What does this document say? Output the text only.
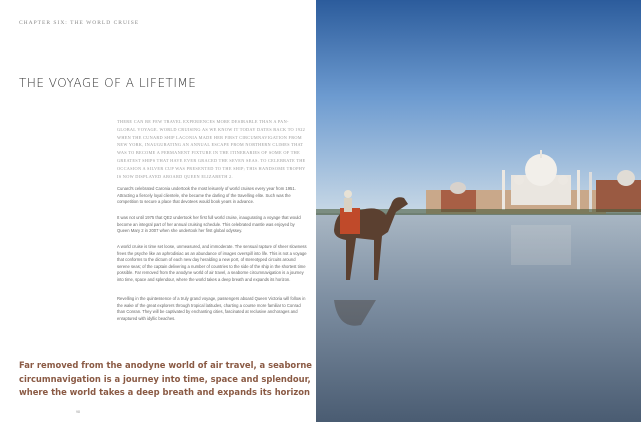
CHAPTER SIX: THE WORLD CRUISE
THE VOYAGE OF A LIFETIME
THERE CAN BE FEW TRAVEL EXPERIENCES MORE DESIRABLE THAN A PAN-GLOBAL VOYAGE. WORLD CRUISING AS WE KNOW IT TODAY DATES BACK TO 1922 WHEN THE CUNARD SHIP LACONIA MADE HER FIRST CIRCUMNAVIGATION FROM NEW YORK, INAUGURATING AN ANNUAL ESCAPE FROM NORTHERN CLIMES THAT WAS TO BECOME A PERMANENT FIXTURE IN THE ITINERARIES OF SOME OF THE GREATEST SHIPS THAT HAVE EVER GRACED THE SEVEN SEAS. TO CELEBRATE THE OCCASION A SILVER CUP WAS PRESENTED TO THE SHIP; THIS HANDSOME TROPHY IS NOW DISPLAYED ABOARD QUEEN ELIZABETH 2.
Cunard's celebrated Caronia undertook the most leisurely of world cruises every year from 1951. Attracting a fiercely loyal clientele, she became the darling of the travelling elite. Such was the competition to secure a place that devotees would book years in advance.
It was not until 1975 that QE2 undertook her first full world cruise, inaugurating a voyage that would become an integral part of her annual cruising schedule. This celebrated mantle was enjoyed by Queen Mary 2 in 2007 when she undertook her first global odyssey.
A world cruise is time set loose, unmeasured, and immoderate. The sensual rapture of sheer slowness frees the psyche like an aphrodisiac as an abundance of images overspill into life. This is not a voyage that conforms to the dictum of each new day heralding a new port, of stereotyped circuits around serene seas; of the captain delivering a number of countries to the side of the ship in the shortest time possible. Far removed from the anodyne world of air travel, a seaborne circumnavigation is a journey into time, space and splendour, where the world takes a deep breath and expands its horizon.
Revelling in the quintessence of a truly grand voyage, passengers aboard Queen Victoria will follow in the wake of the great explorers through tropical latitudes, charting a course more familiar to Conrad than Conran. They will be captivated by enchanting cities, fascinated at reclusive anchorages and enraptured with idyllic beaches.
Far removed from the anodyne world of air travel, a seaborne circumnavigation is a journey into time, space and splendour, where the world takes a deep breath and expands its horizon
98
